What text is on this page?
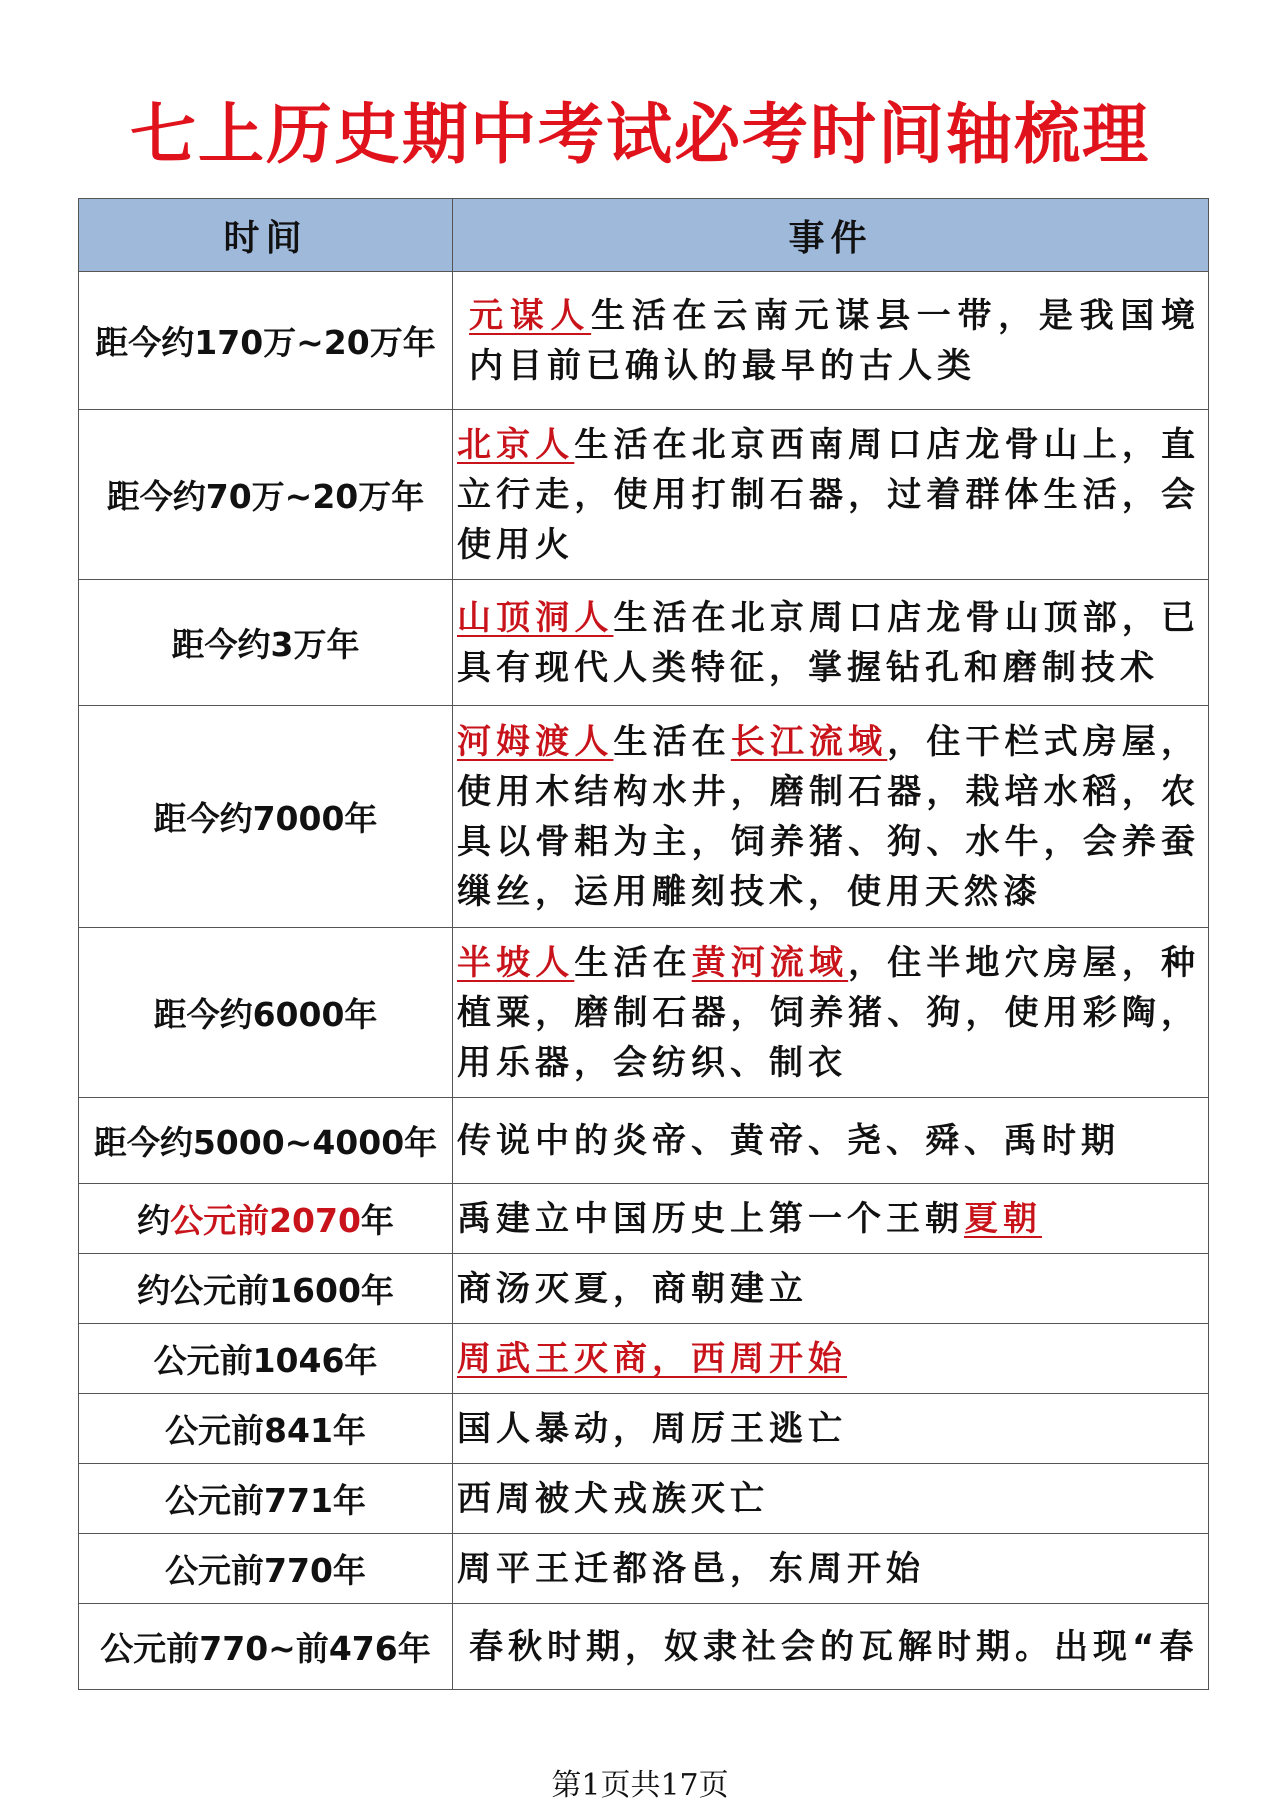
七上历史期中考试必考时间轴梳理
时间	事件
距今约170万~20万年	元谋人生活在云南元谋县一带，是我国境内目前已确认的最早的古人类
距今约70万~20万年	北京人生活在北京西南周口店龙骨山上，直立行走，使用打制石器，过着群体生活，会使用火
距今约3万年	山顶洞人生活在北京周口店龙骨山顶部，已具有现代人类特征，掌握钻孔和磨制技术
距今约7000年	河姆渡人生活在长江流域，住干栏式房屋，使用木结构水井，磨制石器，栽培水稻，农具以骨耜为主，饲养猪、狗、水牛，会养蚕缫丝，运用雕刻技术，使用天然漆
距今约6000年	半坡人生活在黄河流域，住半地穴房屋，种植粟，磨制石器，饲养猪、狗，使用彩陶，用乐器，会纺织、制衣
距今约5000~4000年	传说中的炎帝、黄帝、尧、舜、禹时期
约公元前2070年	禹建立中国历史上第一个王朝夏朝
约公元前1600年	商汤灭夏，商朝建立
公元前1046年	周武王灭商，西周开始
公元前841年	国人暴动，周厉王逃亡
公元前771年	西周被犬戎族灭亡
公元前770年	周平王迁都洛邑，东周开始
公元前770~前476年	春秋时期，奴隶社会的瓦解时期。出现“春
第1页共17页
